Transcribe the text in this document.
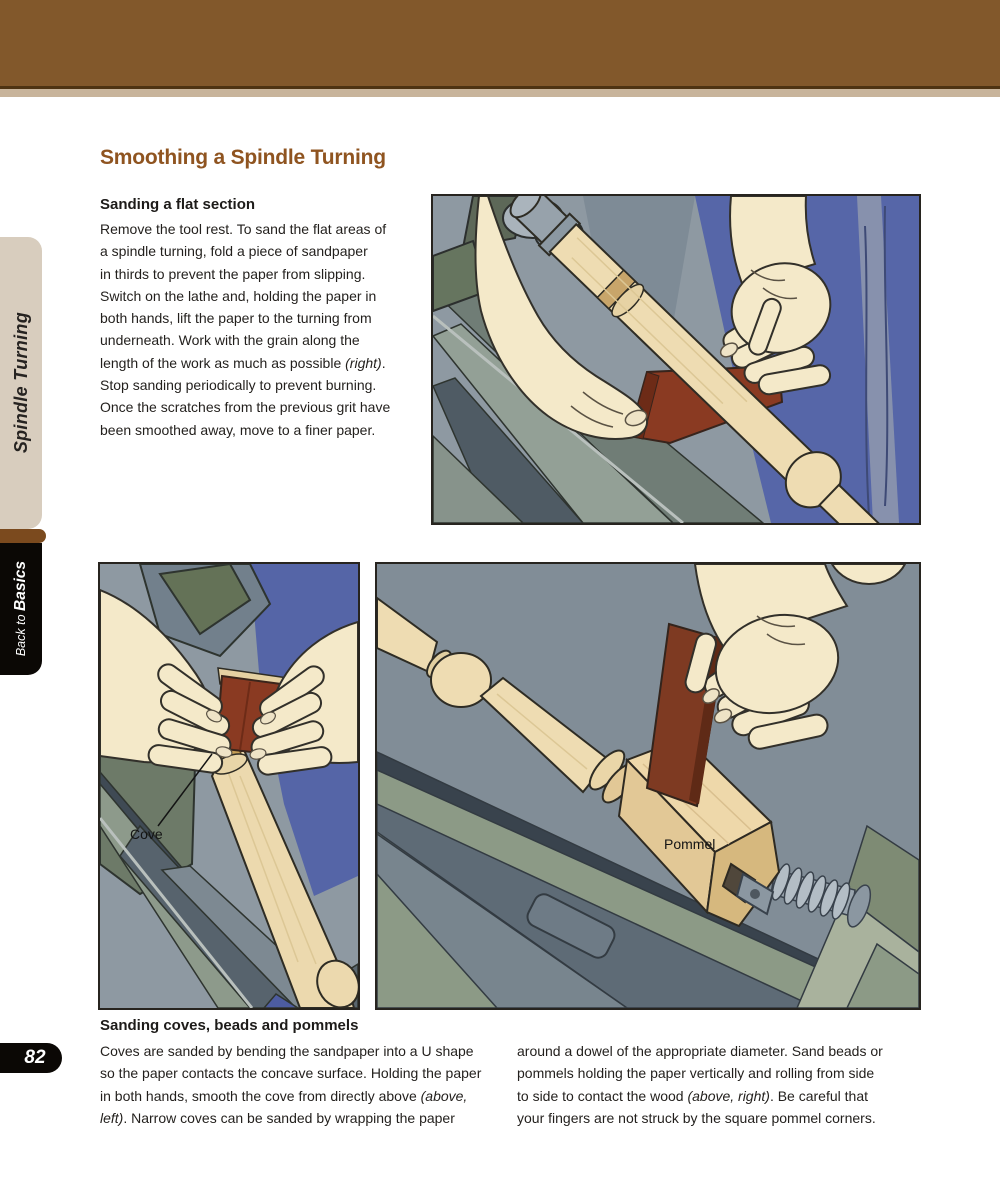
Spindle Turning
Back to Basics
82
Smoothing a Spindle Turning
Sanding a flat section
Remove the tool rest. To sand the flat areas of
a spindle turning, fold a piece of sandpaper
in thirds to prevent the paper from slipping.
Switch on the lathe and, holding the paper in
both hands, lift the paper to the turning from
underneath. Work with the grain along the
length of the work as much as possible (right).
Stop sanding periodically to prevent burning.
Once the scratches from the previous grit have
been smoothed away, move to a finer paper.
Cove
Pommel
Sanding coves, beads and pommels
Coves are sanded by bending the sandpaper into a U shape
so the paper contacts the concave surface. Holding the paper
in both hands, smooth the cove from directly above (above,
left). Narrow coves can be sanded by wrapping the paper
around a dowel of the appropriate diameter. Sand beads or
pommels holding the paper vertically and rolling from side
to side to contact the wood (above, right). Be careful that
your fingers are not struck by the square pommel corners.
